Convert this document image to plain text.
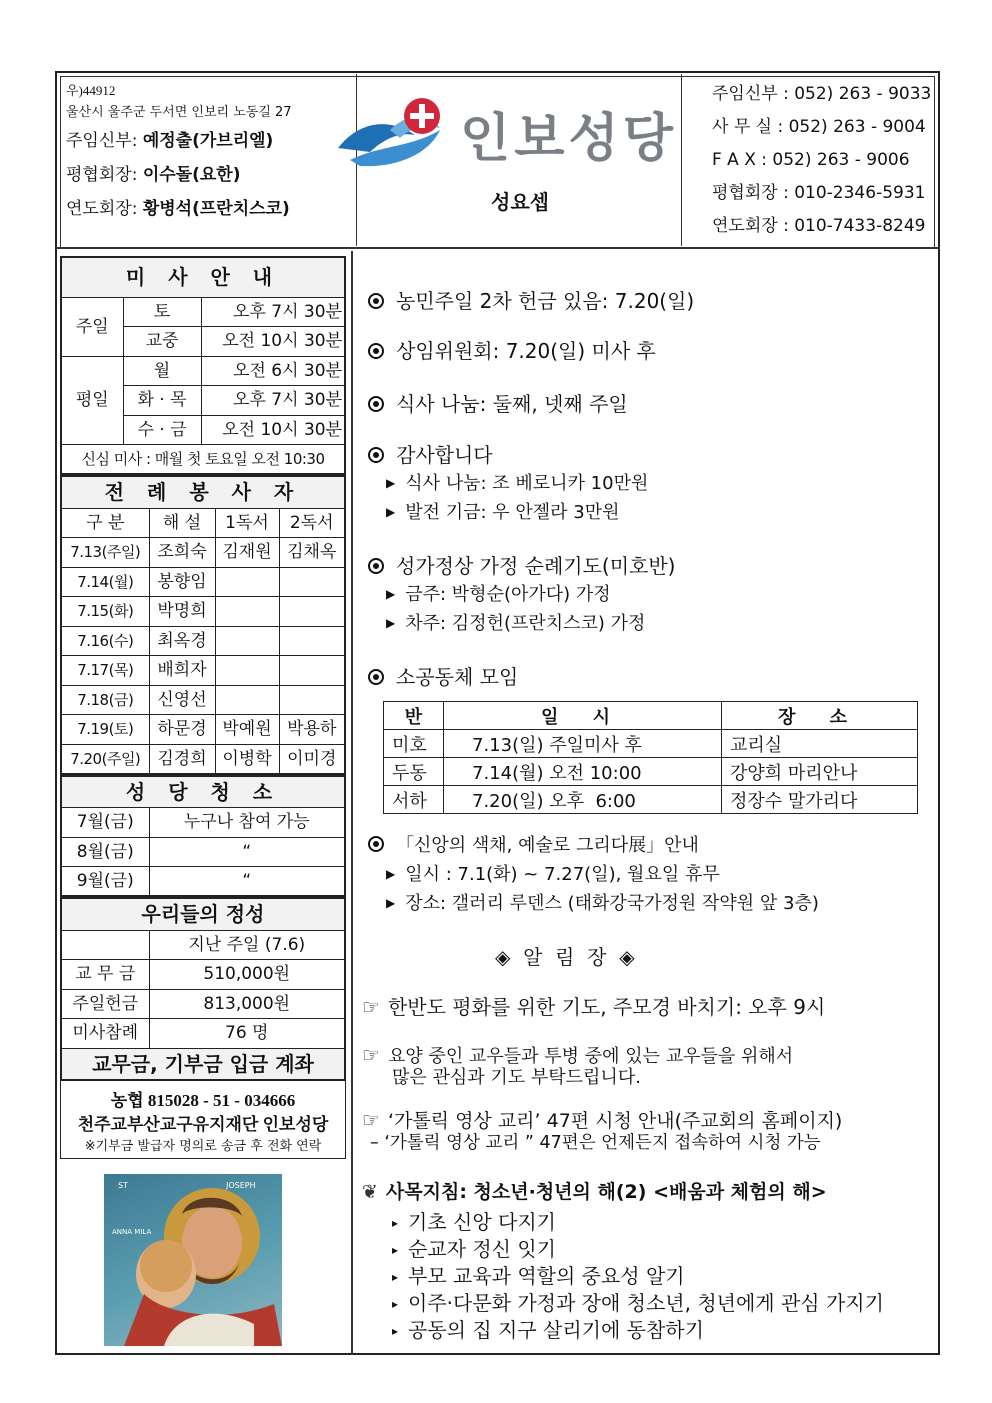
우)44912
울산시 울주군 두서면 인보리 노동길 27
주임신부: 예정출(가브리엘)
평협회장: 이수돌(요한)
연도회장: 황병석(프란치스코)
인보성당
성요셉
주임신부 : 052) 263 - 9033
사 무 실 : 052) 263 - 9004
F A X : 052) 263 - 9006
평협회장 : 010-2346-5931
연도회장 : 010-7433-8249
미 사 안 내		
주일	토	오후 7시 30분
	교중	오전 10시 30분
평일	월	오전 6시 30분
	화 · 목	오후 7시 30분
	수 · 금	오전 10시 30분
신심 미사 : 매월 첫 토요일 오전 10:30		
전 례 봉 사 자			
구 분	해 설	1독서	2독서
7.13(주일)	조희숙	김재원	김채옥
7.14(월)	봉향임		
7.15(화)	박명희		
7.16(수)	최옥경		
7.17(목)	배희자		
7.18(금)	신영선		
7.19(토)	하문경	박예원	박용하
7.20(주일)	김경희	이병학	이미경
성 당 청 소	
7월(금)	누구나 참여 가능
8월(금)	“
9월(금)	“
우리들의 정성	
	지난 주일 (7.6)
교 무 금	510,000원
주일헌금	813,000원
미사참례	76 명
교무금, 기부금 입금 계좌	
농협 815028 - 51 - 034666
천주교부산교구유지재단 인보성당
※기부금 발급자 명의로 송금 후 전화 연락
ST	JOSEPH
ANNA MILA
농민주일 2차 헌금 있음: 7.20(일)
상임위원회: 7.20(일) 미사 후
식사 나눔: 둘째, 넷째 주일
감사합니다
▶ 식사 나눔: 조 베로니카 10만원
▶ 발전 기금: 우 안젤라 3만원
성가정상 가정 순례기도(미호반)
▶ 금주: 박형순(아가다) 가정
▶ 차주: 김정헌(프란치스코) 가정
소공동체 모임
반	일 시	장 소
미호	7.13(일) 주일미사 후	교리실
두동	7.14(월) 오전 10:00	강양희 마리안나
서하	7.20(일) 오후  6:00	정장수 말가리다
「신앙의 색채, 예술로 그리다展」안내
▶ 일시 : 7.1(화) ~ 7.27(일), 월요일 휴무
▶ 장소: 갤러리 루덴스 (태화강국가정원 작약원 앞 3층)
◈  알  림  장  ◈
☞ 한반도 평화를 위한 기도, 주모경 바치기: 오후 9시
☞ 요양 중인 교우들과 투병 중에 있는 교우들을 위해서
많은 관심과 기도 부탁드립니다.
☞ ‘가톨릭 영상 교리’ 47편 시청 안내(주교회의 홈페이지)
– ‘가톨릭 영상 교리 ” 47편은 언제든지 접속하여 시청 가능
❦ 사목지침: 청소년·청년의 해(2) <배움과 체험의 해>
▸ 기초 신앙 다지기
▸ 순교자 정신 잇기
▸ 부모 교육과 역할의 중요성 알기
▸ 이주·다문화 가정과 장애 청소년, 청년에게 관심 가지기
▸ 공동의 집 지구 살리기에 동참하기
